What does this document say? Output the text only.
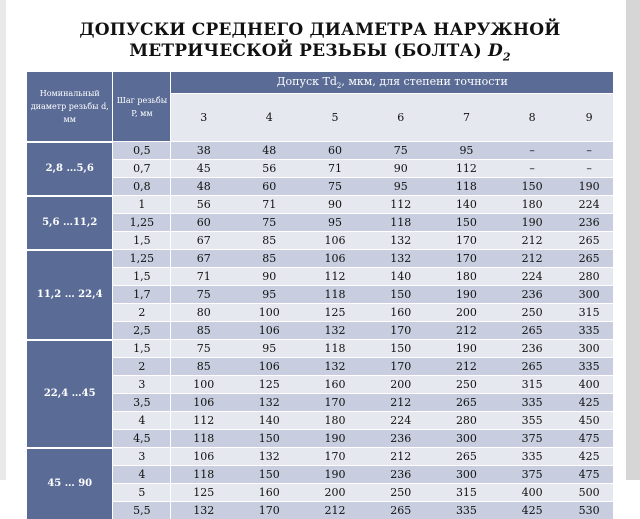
ДОПУСКИ СРЕДНЕГО ДИАМЕТРА НАРУЖНОЙ
МЕТРИЧЕСКОЙ РЕЗЬБЫ (БОЛТА) $D_2$
Номинальный диаметр резьбы d, мм	Шаг резьбы P, мм	Допуск $Td_2$, мкм, для степени точности						
		3	4	5	6	7	8	9
2,8 …5,6	0,5	38	48	60	75	95	–	–
	0,7	45	56	71	90	112	–	–
	0,8	48	60	75	95	118	150	190
5,6 …11,2	1	56	71	90	112	140	180	224
	1,25	60	75	95	118	150	190	236
	1,5	67	85	106	132	170	212	265
11,2 … 22,4	1,25	67	85	106	132	170	212	265
	1,5	71	90	112	140	180	224	280
	1,7	75	95	118	150	190	236	300
	2	80	100	125	160	200	250	315
	2,5	85	106	132	170	212	265	335
22,4 …45	1,5	75	95	118	150	190	236	300
	2	85	106	132	170	212	265	335
	3	100	125	160	200	250	315	400
	3,5	106	132	170	212	265	335	425
	4	112	140	180	224	280	355	450
	4,5	118	150	190	236	300	375	475
45 … 90	3	106	132	170	212	265	335	425
	4	118	150	190	236	300	375	475
	5	125	160	200	250	315	400	500
	5,5	132	170	212	265	335	425	530
